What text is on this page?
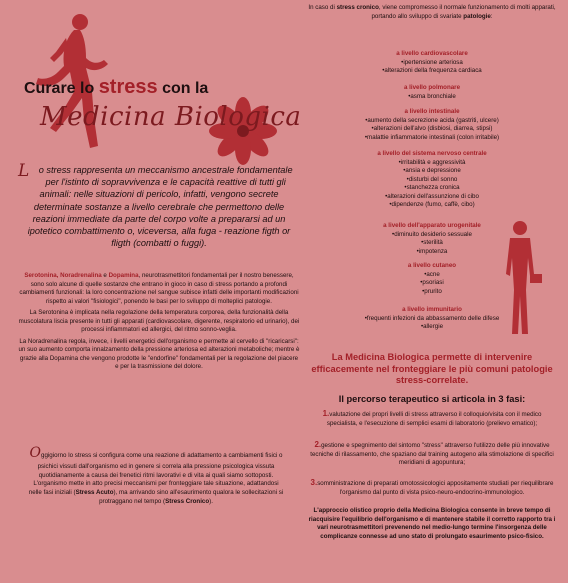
Curare lo stress con la
Medicina Biologica
L o stress rappresenta un meccanismo ancestrale fondamentale per l'istinto di sopravvivenza e le capacità reattive di tutti gli animali: nelle situazioni di pericolo, infatti, vengono secrete determinate sostanze a livello cerebrale che permettono delle reazioni immediate da parte del corpo volte a prepararsi ad un ipotetico combattimento o, viceversa, alla fuga - reazione figth or fligth (combatti o fuggi).

Serotonina, Noradrenalina e Dopamina, neurotrasmettitori fondamentali per il nostro benessere, sono solo alcune di quelle sostanze che entrano in gioco in caso di stress portando a profondi cambiamenti funzionali: la loro concentrazione nel sangue subisce infatti delle importanti modificazioni rispetto ai valori "fisiologici", ponendo le basi per lo sviluppo di molteplici patologie.

La Serotonina è implicata nella regolazione della temperatura corporea, della funzionalità della muscolatura liscia presente in tutti gli apparati (cardiovascolare, digerente, respiratorio ed urinario), dei processi infiammatori ed allergici, del ritmo sonno-veglia.

La Noradrenalina regola, invece, i livelli energetici dell'organismo e permette al cervello di "ricaricarsi": un suo aumento comporta innalzamento della pressione arteriosa ed alterazioni metaboliche; mentre è grazie alla Dopamina che vengono prodotte le "endorfine" fondamentali per la regolazione del piacere e per la trasmissione del dolore.

Oggigiorno lo stress si configura come una reazione di adattamento a cambiamenti fisici o psichici vissuti dall'organismo ed in genere si correla alla pressione psicologica vissuta quotidianamente a causa dei frenetici ritmi lavorativi e di vita ai quali siamo sottoposti. L'organismo mette in atto precisi meccanismi per fronteggiare tale situazione, adattandosi nelle fasi iniziali (Stress Acuto), ma arrivando sino all'esaurimento qualora le sollecitazioni si protraggano nel tempo (Stress Cronico).
In caso di stress cronico, viene compromesso il normale funzionamento di molti apparati, portando allo sviluppo di svariate patologie:
a livello cardiovascolare
•ipertensione arteriosa
•alterazioni della frequenza cardiaca
a livello polmonare
•asma bronchiale
a livello intestinale
•aumento della secrezione acida (gastriti, ulcere)
•alterazioni dell'alvo (disbiosi, diarrea, stipsi)
•malattie infiammatorie intestinali (colon irritabile)
a livello del sistema nervoso centrale
•irritabilità e aggressività
•ansia e depressione
•disturbi del sonno
•stanchezza cronica
•alterazioni dell'assunzione di cibo
•dipendenze (fumo, caffè, cibo)
a livello dell'apparato urogenitale
•diminuito desiderio sessuale
•sterilità
•impotenza
a livello cutaneo
•acne
•psoriasi
•prurito
a livello immunitario
•frequenti infezioni da abbassamento delle difese
•allergie
La Medicina Biologica permette di intervenire efficacemente nel fronteggiare le più comuni patologie stress-correlate.
Il percorso terapeutico si articola in 3 fasi:
1.valutazione dei propri livelli di stress attraverso il colloquio/visita con il medico specialista, e l'esecuzione di semplici esami di laboratorio (prelievo ematico);
2.gestione e spegnimento del sintomo "stress" attraverso l'utilizzo delle più innovative tecniche di rilassamento, che spaziano dal training autogeno alla stimolazione di specifici meridiani di agopuntura;
3.somministrazione di preparati omotossicologici appositamente studiati per riequilibrare l'organismo dal punto di vista psico-neuro-endocrino-immunologico.
L'approccio olistico proprio della Medicina Biologica consente in breve tempo di riacquisire l'equilibrio dell'organismo e di mantenere stabile il corretto rapporto tra i vari neurotrasmettitori prevenendo nel medio-lungo termine l'insorgenza delle complicanze connesse ad uno stato di prolungato esaurimento psico-fisico.
